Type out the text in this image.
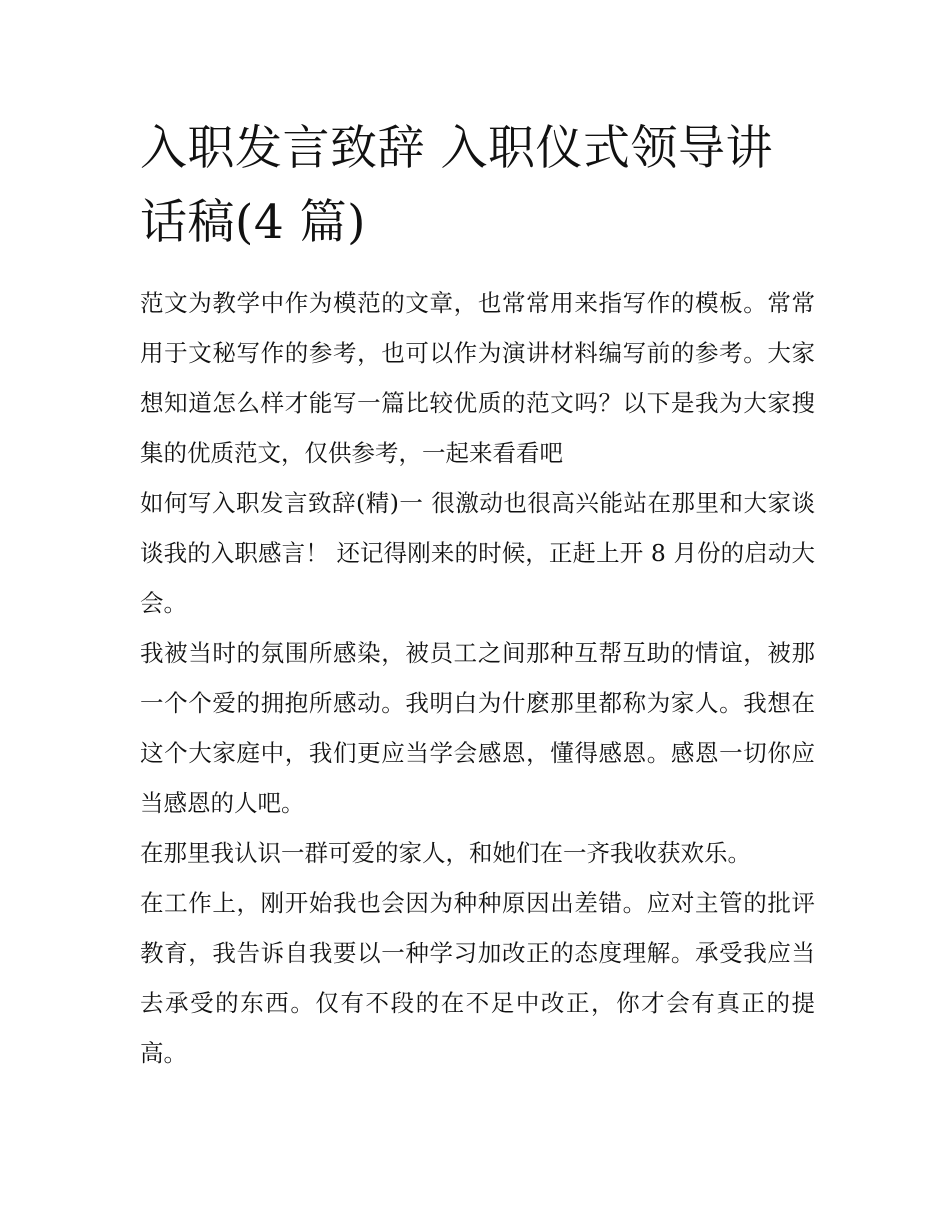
入职发言致辞 入职仪式领导讲话稿(4 篇)

范文为教学中作为模范的文章，也常常用来指写作的模板。常常用于文秘写作的参考，也可以作为演讲材料编写前的参考。大家想知道怎么样才能写一篇比较优质的范文吗？以下是我为大家搜集的优质范文，仅供参考，一起来看看吧

如何写入职发言致辞(精)一 很激动也很高兴能站在那里和大家谈谈我的入职感言！ 还记得刚来的时候，正赶上开 8 月份的启动大会。

我被当时的氛围所感染，被员工之间那种互帮互助的情谊，被那一个个爱的拥抱所感动。我明白为什麽那里都称为家人。我想在这个大家庭中，我们更应当学会感恩，懂得感恩。感恩一切你应当感恩的人吧。

在那里我认识一群可爱的家人，和她们在一齐我收获欢乐。

在工作上，刚开始我也会因为种种原因出差错。应对主管的批评教育，我告诉自我要以一种学习加改正的态度理解。承受我应当去承受的东西。仅有不段的在不足中改正，你才会有真正的提高。
